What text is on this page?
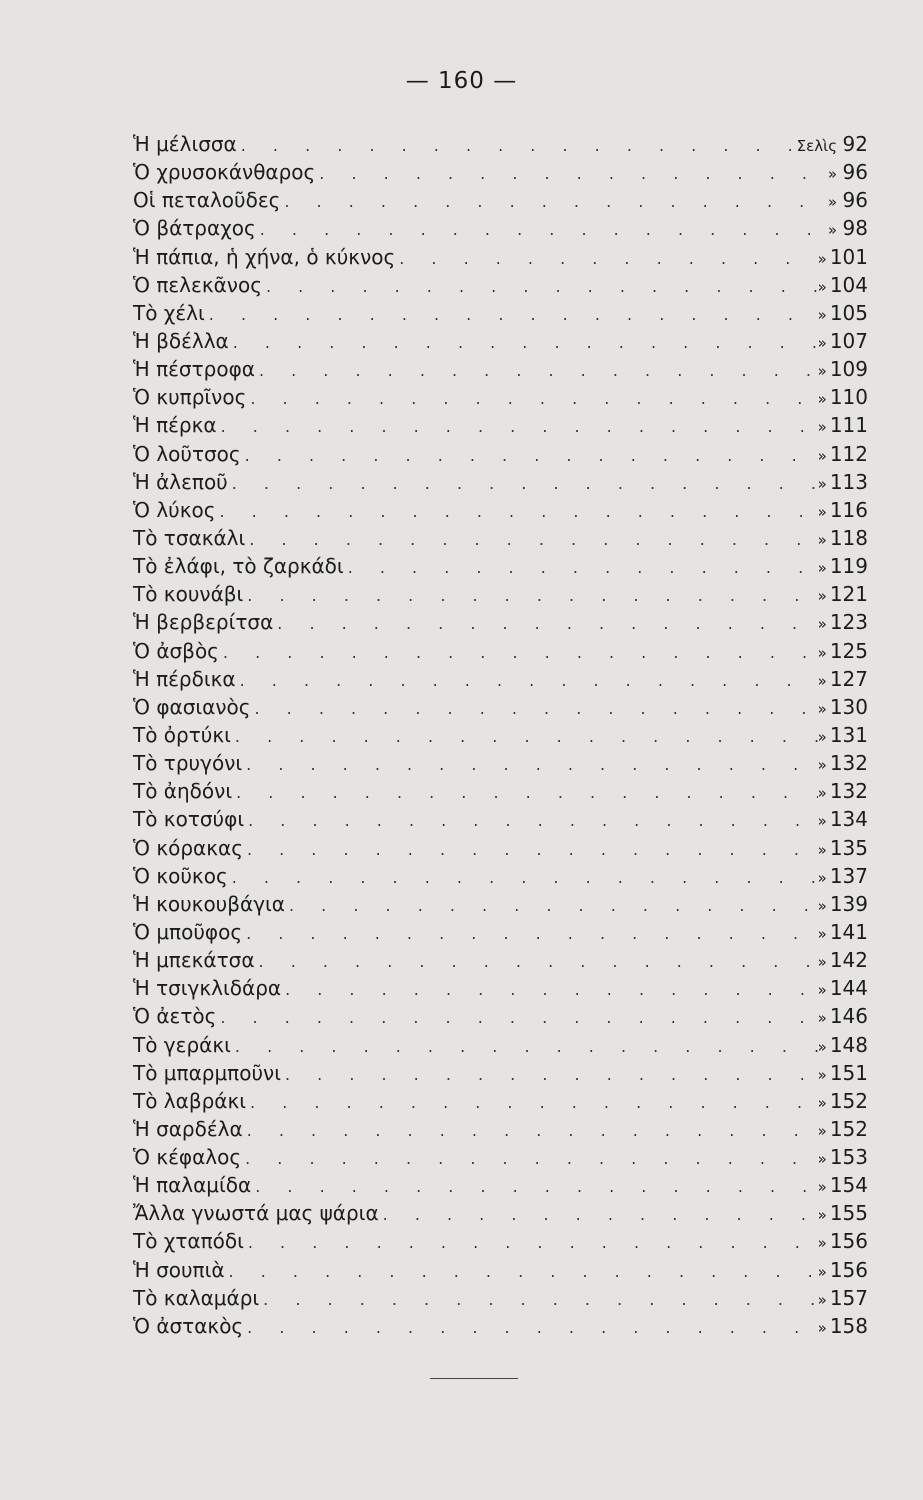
— 160 —
Ἡ μέλισσα . . .	Σελὶς 92
Ὁ χρυσοκάνθαρος . . .	» 96
Οἱ πεταλοῦδες . . .	» 96
Ὁ βάτραχος . . .	» 98
Ἡ πάπια, ἡ χήνα, ὁ κύκνος . . .	» 101
Ὁ πελεκᾶνος . . .	» 104
Τὸ χέλι . . .	» 105
Ἡ βδέλλα . . .	» 107
Ἡ πέστροφα . . .	» 109
Ὁ κυπρῖνος . . .	» 110
Ἡ πέρκα . . .	» 111
Ὁ λοῦτσος . . .	» 112
Ἡ ἀλεποῦ . . .	» 113
Ὁ λύκος . . .	» 116
Τὸ τσακάλι . . .	» 118
Τὸ ἐλάφι, τὸ ζαρκάδι . . .	» 119
Τὸ κουνάβι . . .	» 121
Ἡ βερβερίτσα . . .	» 123
Ὁ ἀσβὸς . . .	» 125
Ἡ πέρδικα . . .	» 127
Ὁ φασιανὸς . . .	» 130
Τὸ ὀρτύκι . . .	» 131
Τὸ τρυγόνι . . .	» 132
Τὸ ἀηδόνι . . .	» 132
Τὸ κοτσύφι . . .	» 134
Ὁ κόρακας . . .	» 135
Ὁ κοῦκος . . .	» 137
Ἡ κουκουβάγια . . .	» 139
Ὁ μποῦφος . . .	» 141
Ἡ μπεκάτσα . . .	» 142
Ἡ τσιγκλιδάρα . . .	» 144
Ὁ ἀετὸς . . .	» 146
Τὸ γεράκι . . .	» 148
Τὸ μπαρμποῦνι . . .	» 151
Τὸ λαβράκι . . .	» 152
Ἡ σαρδέλα . . .	» 152
Ὁ κέφαλος . . .	» 153
Ἡ παλαμίδα . . .	» 154
Ἄλλα γνωστά μας ψάρια . . .	» 155
Τὸ χταπόδι . . .	» 156
Ἡ σουπιὰ . . .	» 156
Τὸ καλαμάρι . . .	» 157
Ὁ ἀστακὸς . . .	» 158
